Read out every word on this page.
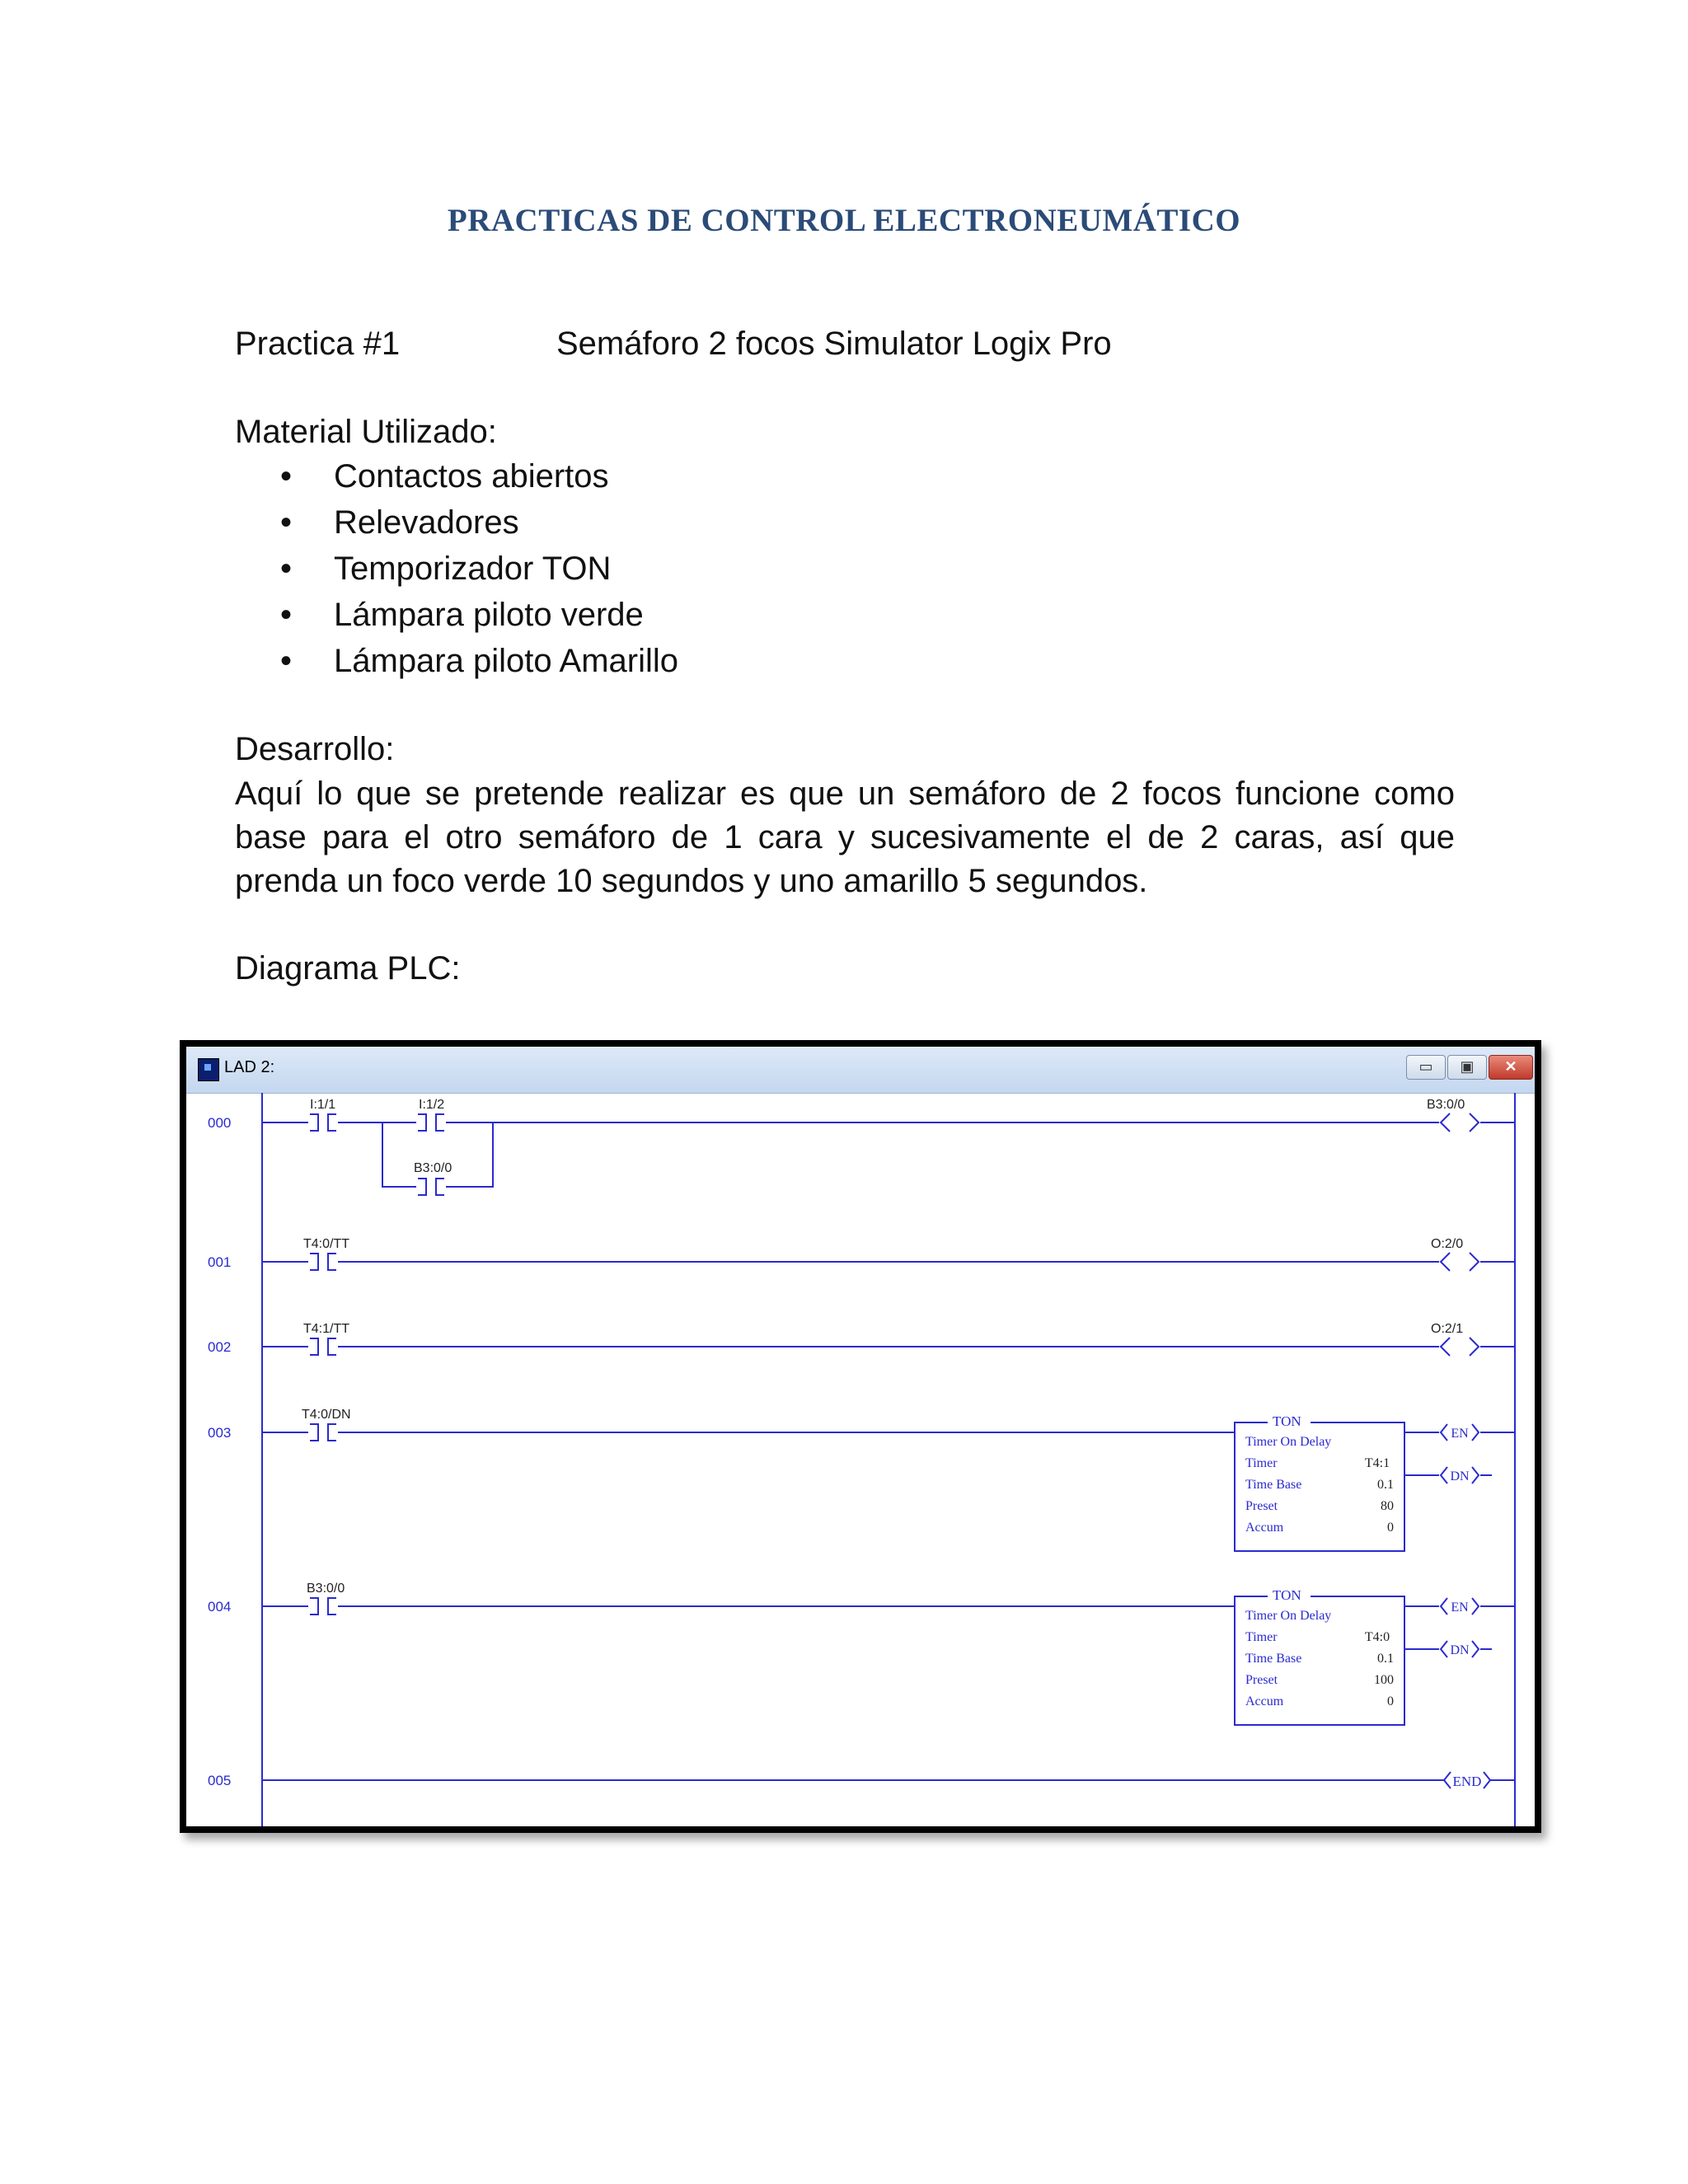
PRACTICAS DE CONTROL ELECTRONEUMÁTICO
Practica #1	Semáforo 2 focos Simulator Logix Pro
Material Utilizado:
• Contactos abiertos
• Relevadores
• Temporizador TON
• Lámpara piloto verde
• Lámpara piloto Amarillo
Desarrollo:
Aquí lo que se pretende realizar es que un semáforo de 2 focos funcione como base para el otro semáforo de 1 cara y sucesivamente el de 2 caras, así que prenda un foco verde 10 segundos y uno amarillo 5 segundos.
Diagrama PLC:
LAD 2:	▭	▣	✕
000
001
002
003
004
005
I:1/1	I:1/2
B3:0/0
B3:0/0
T4:0/TT	O:2/0
T4:1/TT	O:2/1
T4:0/DN	TON
Timer On Delay
Timer	T4:1
Time Base	0.1
Preset	80
Accum	0
EN
DN
B3:0/0	TON
Timer On Delay
Timer	T4:0
Time Base	0.1
Preset	100
Accum	0
EN
DN
END
